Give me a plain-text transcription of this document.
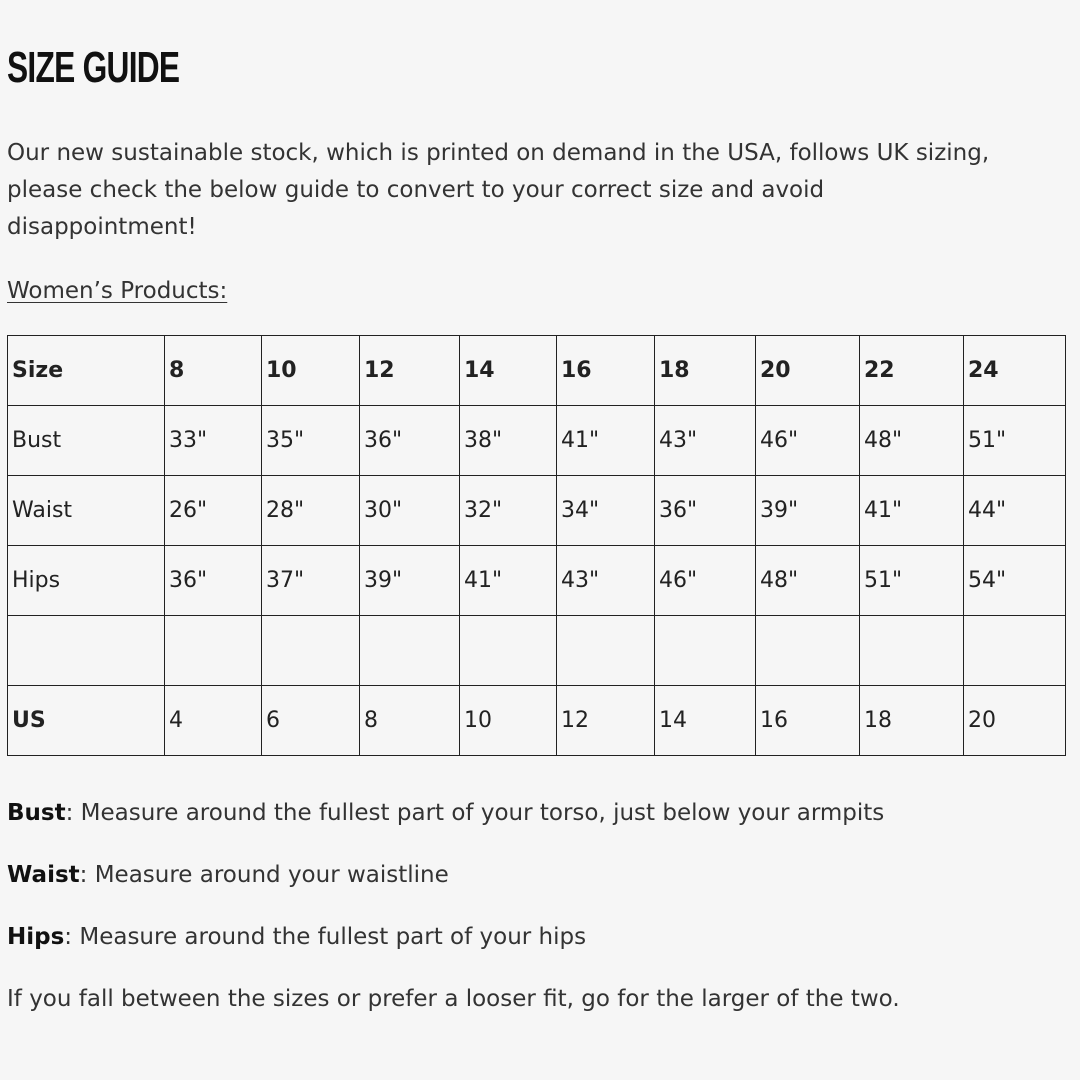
SIZE GUIDE

Our new sustainable stock, which is printed on demand in the USA, follows UK sizing, please check the below guide to convert to your correct size and avoid disappointment!

Women’s Products:

Size	8	10	12	14	16	18	20	22	24
Bust	33"	35"	36"	38"	41"	43"	46"	48"	51"
Waist	26"	28"	30"	32"	34"	36"	39"	41"	44"
Hips	36"	37"	39"	41"	43"	46"	48"	51"	54"

US	4	6	8	10	12	14	16	18	20

Bust: Measure around the fullest part of your torso, just below your armpits

Waist: Measure around your waistline

Hips: Measure around the fullest part of your hips

If you fall between the sizes or prefer a looser fit, go for the larger of the two.
